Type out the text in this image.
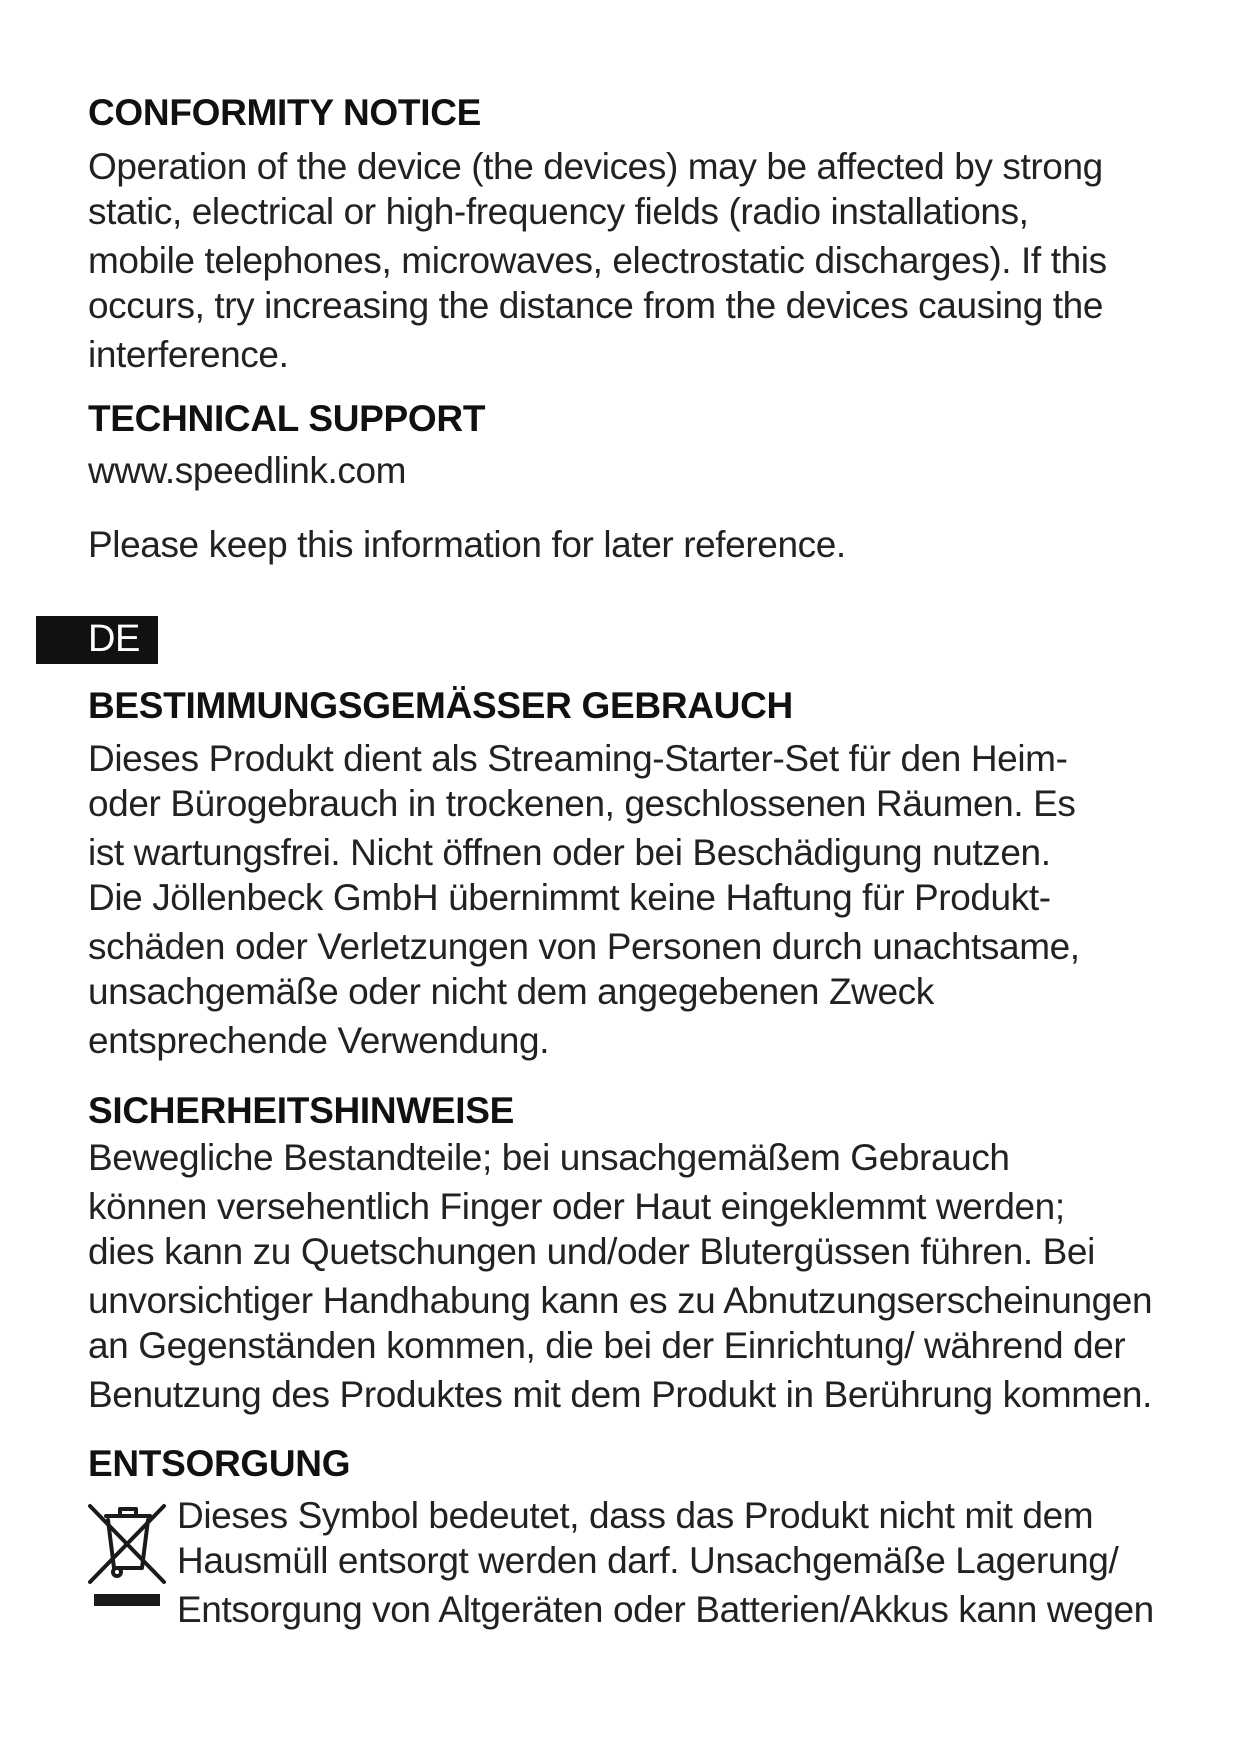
CONFORMITY NOTICE
Operation of the device (the devices) may be affected by strong
static, electrical or high-frequency fields (radio installations,
mobile telephones, microwaves, electrostatic discharges). If this
occurs, try increasing the distance from the devices causing the
interference.
TECHNICAL SUPPORT
www.speedlink.com
Please keep this information for later reference.
DE
BESTIMMUNGSGEMÄSSER GEBRAUCH
Dieses Produkt dient als Streaming-Starter-Set für den Heim-
oder Bürogebrauch in trockenen, geschlossenen Räumen. Es
ist wartungsfrei. Nicht öffnen oder bei Beschädigung nutzen.
Die Jöllenbeck GmbH übernimmt keine Haftung für Produkt-
schäden oder Verletzungen von Personen durch unachtsame,
unsachgemäße oder nicht dem angegebenen Zweck
entsprechende Verwendung.
SICHERHEITSHINWEISE
Bewegliche Bestandteile; bei unsachgemäßem Gebrauch
können versehentlich Finger oder Haut eingeklemmt werden;
dies kann zu Quetschungen und/oder Blutergüssen führen. Bei
unvorsichtiger Handhabung kann es zu Abnutzungserscheinungen
an Gegenständen kommen, die bei der Einrichtung/ während der
Benutzung des Produktes mit dem Produkt in Berührung kommen.
ENTSORGUNG
Dieses Symbol bedeutet, dass das Produkt nicht mit dem
Hausmüll entsorgt werden darf. Unsachgemäße Lagerung/
Entsorgung von Altgeräten oder Batterien/Akkus kann wegen
